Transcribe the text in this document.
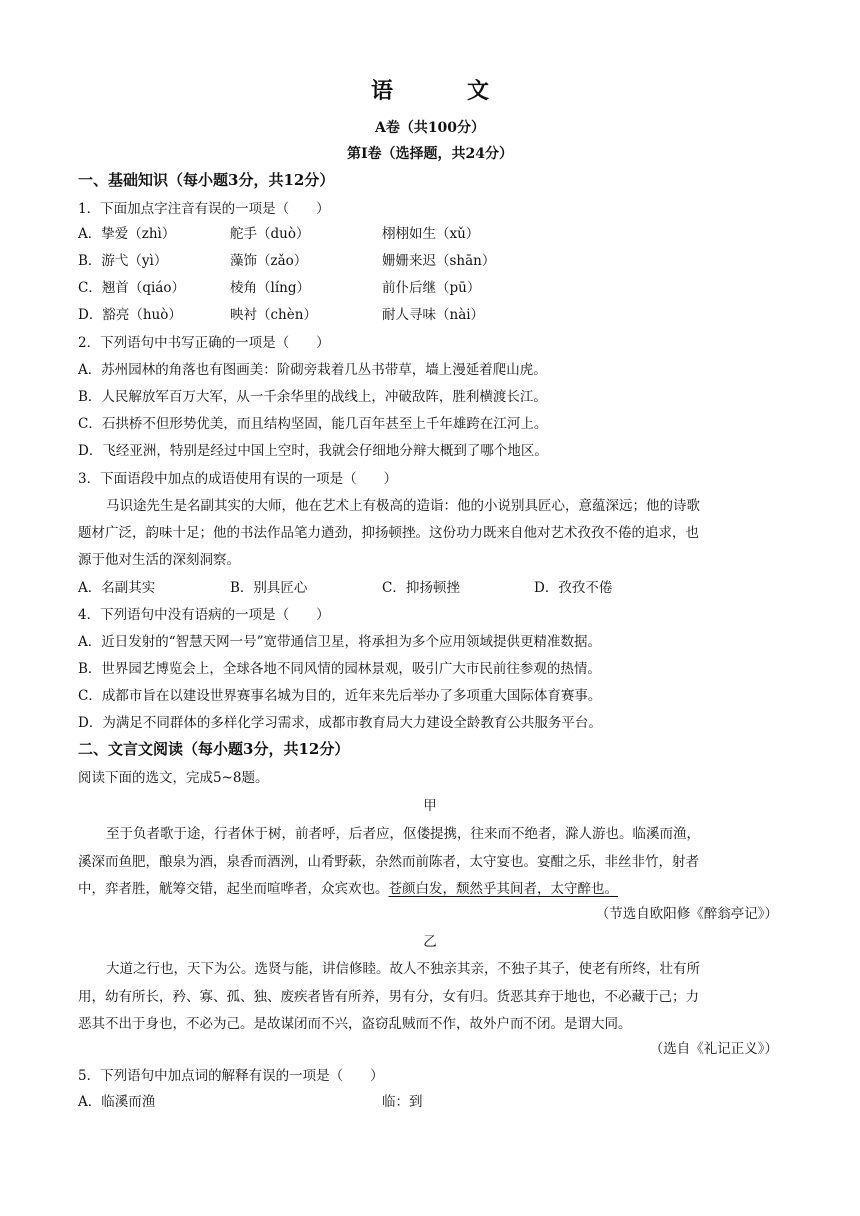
语　文
A卷（共100分）
第Ⅰ卷（选择题，共24分）
一、基础知识（每小题3分，共12分）
1．下面加点字注音有误的一项是（　　）
A．挚爱（zhì）	舵手（duò）	栩栩如生（xǔ）
B．游弋（yì）	藻饰（zǎo）	姗姗来迟（shān）
C．翘首（qiáo）	棱角（líng）	前仆后继（pū）
D．豁亮（huò）	映衬（chèn）	耐人寻味（nài）
2．下列语句中书写正确的一项是（　　）
A．苏州园林的角落也有图画美：阶砌旁栽着几丛书带草，墙上漫延着爬山虎。
B．人民解放军百万大军，从一千余华里的战线上，冲破敌阵，胜利横渡长江。
C．石拱桥不但形势优美，而且结构坚固，能几百年甚至上千年雄跨在江河上。
D．飞经亚洲，特别是经过中国上空时，我就会仔细地分辩大概到了哪个地区。
3．下面语段中加点的成语使用有误的一项是（　　）
马识途先生是名副其实的大师，他在艺术上有极高的造诣：他的小说别具匠心，意蕴深远；他的诗歌
题材广泛，韵味十足；他的书法作品笔力遒劲，抑扬顿挫。这份功力既来自他对艺术孜孜不倦的追求，也
源于他对生活的深刻洞察。
A．名副其实	B．别具匠心	C．抑扬顿挫	D．孜孜不倦
4．下列语句中没有语病的一项是（　　）
A．近日发射的“智慧天网一号”宽带通信卫星，将承担为多个应用领域提供更精准数据。
B．世界园艺博览会上，全球各地不同风情的园林景观，吸引广大市民前往参观的热情。
C．成都市旨在以建设世界赛事名城为目的，近年来先后举办了多项重大国际体育赛事。
D．为满足不同群体的多样化学习需求，成都市教育局大力建设全龄教育公共服务平台。
二、文言文阅读（每小题3分，共12分）
阅读下面的选文，完成5~8题。
甲
至于负者歌于途，行者休于树，前者呼，后者应，伛偻提携，往来而不绝者，滁人游也。临溪而渔，
溪深而鱼肥，酿泉为酒，泉香而酒洌，山肴野蔌，杂然而前陈者，太守宴也。宴酣之乐，非丝非竹，射者
中，弈者胜，觥筹交错，起坐而喧哗者，众宾欢也。苍颜白发，颓然乎其间者，太守醉也。
（节选自欧阳修《醉翁亭记》）
乙
大道之行也，天下为公。选贤与能，讲信修睦。故人不独亲其亲，不独子其子，使老有所终，壮有所
用，幼有所长，矜、寡、孤、独、废疾者皆有所养，男有分，女有归。货恶其弃于地也，不必藏于己；力
恶其不出于身也，不必为己。是故谋闭而不兴，盗窃乱贼而不作，故外户而不闭。是谓大同。
（选自《礼记正义》）
5．下列语句中加点词的解释有误的一项是（　　）
A．临溪而渔	临：到
